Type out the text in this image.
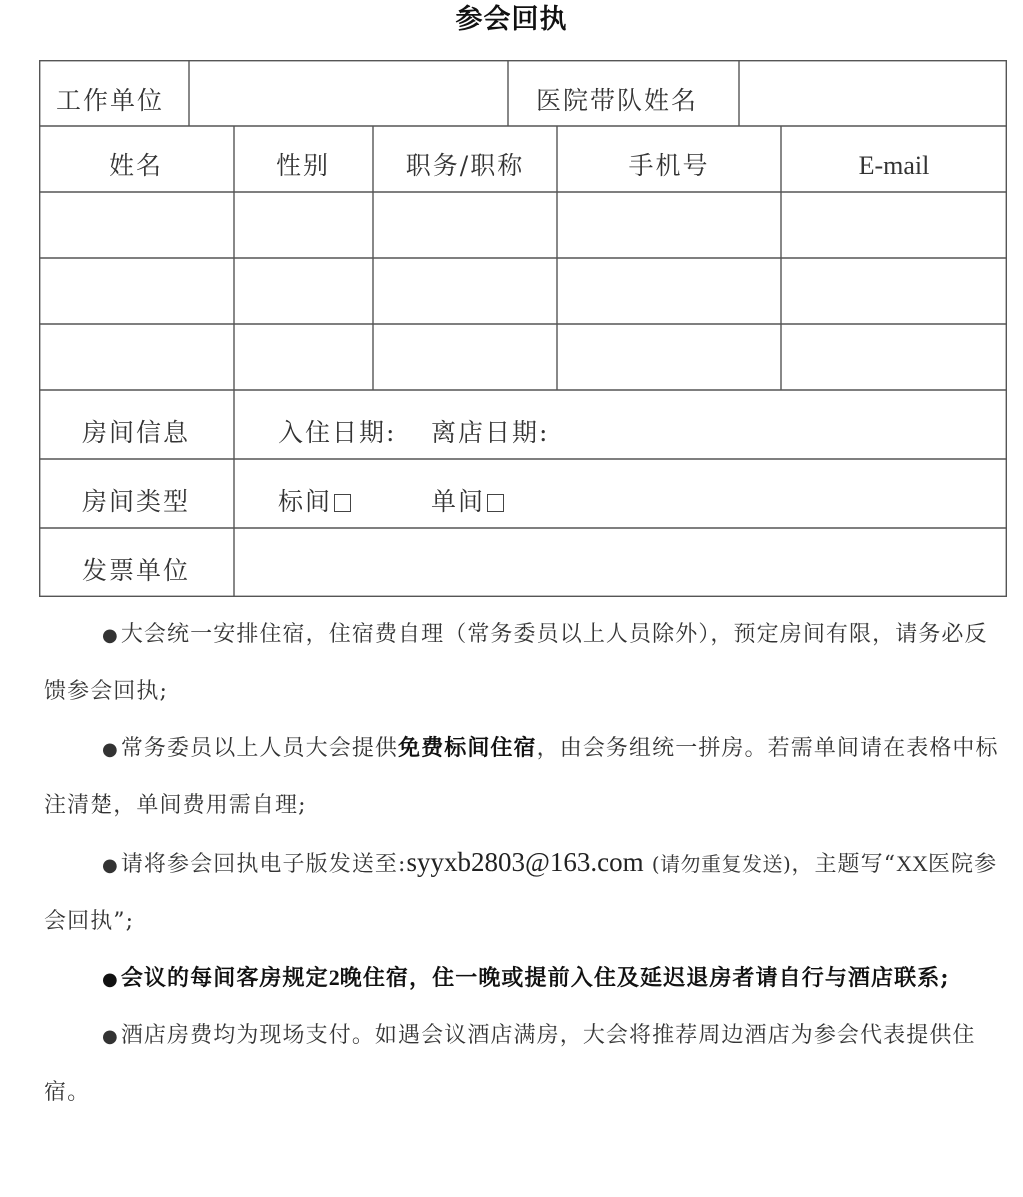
参会回执
工作单位	医院带队姓名
姓名	性别	职务/职称	手机号	E-mail
房间信息	入住日期: 离店日期:
房间类型	标间	单间
发票单位
●大会统一安排住宿，住宿费自理（常务委员以上人员除外），预定房间有限，请务必反馈参会回执;
●常务委员以上人员大会提供免费标间住宿，由会务组统一拼房。若需单间请在表格中标注清楚，单间费用需自理;
●请将参会回执电子版发送至:syyxb2803@163.com (请勿重复发送)，主题写“XX医院参会回执”;
●会议的每间客房规定2晚住宿，住一晚或提前入住及延迟退房者请自行与酒店联系;
●酒店房费均为现场支付。如遇会议酒店满房，大会将推荐周边酒店为参会代表提供住宿。
